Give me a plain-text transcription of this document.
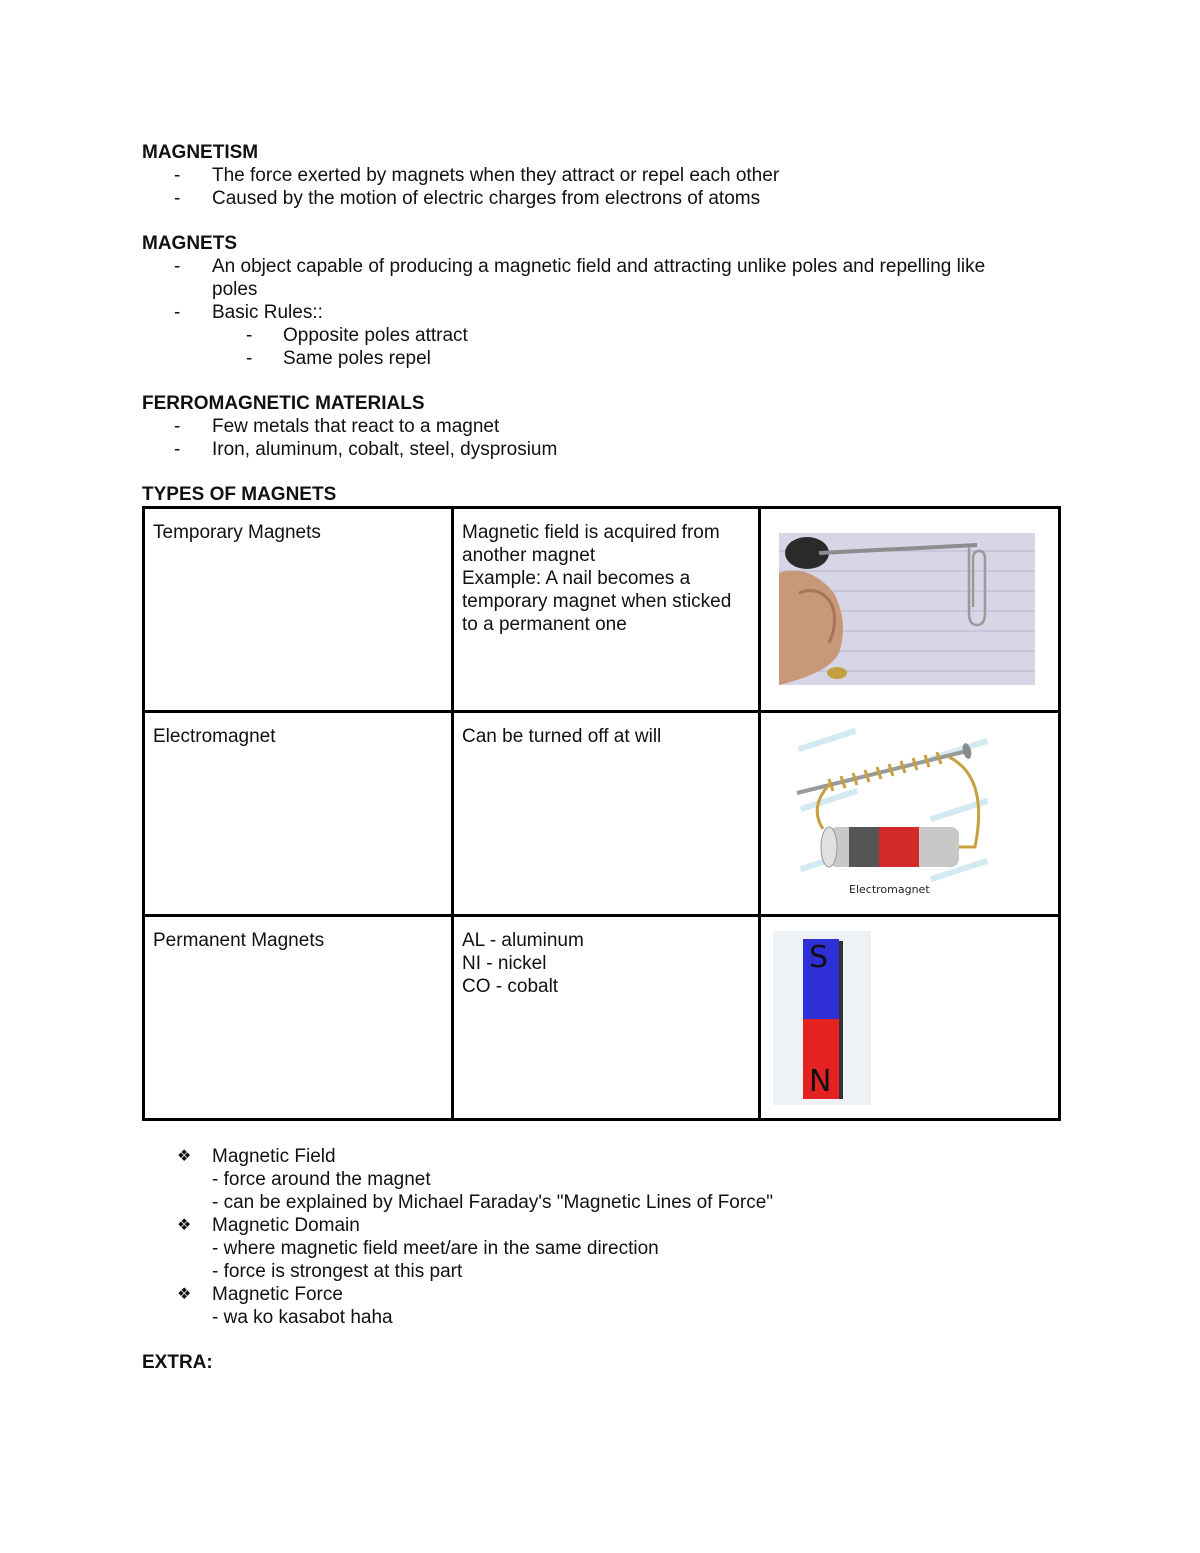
MAGNETISM

- The force exerted by magnets when they attract or repel each other
- Caused by the motion of electric charges from electrons of atoms

MAGNETS

- An object capable of producing a magnetic field and attracting unlike poles and repelling like poles
- Basic Rules::
- Opposite poles attract
- Same poles repel

FERROMAGNETIC MATERIALS

- Few metals that react to a magnet
- Iron, aluminum, cobalt, steel, dysprosium

TYPES OF MAGNETS

Temporary Magnets	Magnetic field is acquired from another magnet
Example: A nail becomes a temporary magnet when sticked to a permanent one	

Electromagnet	Can be turned off at will	Electromagnet

Permanent Magnets	AL - aluminum
NI - nickel
CO - cobalt	S
N
❖ Magnetic Field
- force around the magnet
- can be explained by Michael Faraday's "Magnetic Lines of Force"
❖ Magnetic Domain
- where magnetic field meet/are in the same direction
- force is strongest at this part
❖ Magnetic Force
- wa ko kasabot haha

EXTRA:
